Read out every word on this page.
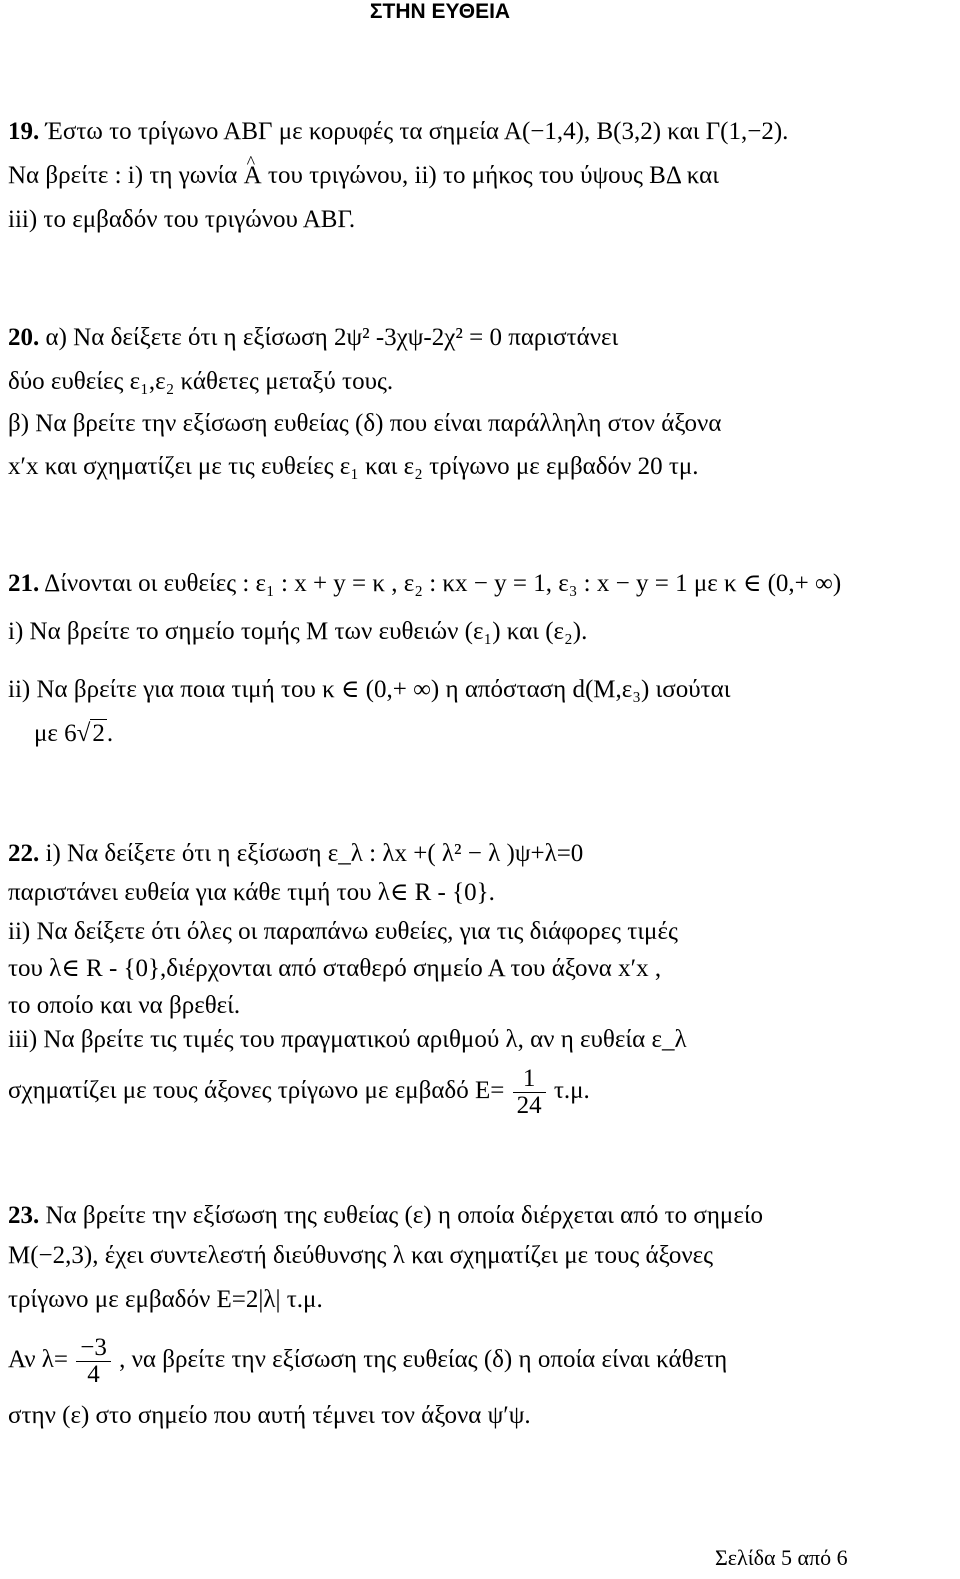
ΣΤΗΝ ΕΥΘΕΙΑ
19. Έστω το τρίγωνο ΑΒΓ με κορυφές τα σημεία Α(−1,4), Β(3,2) και Γ(1,−2).
Να βρείτε : i) τη γωνία ^ Α του τριγώνου, ii) το μήκος του ύψους ΒΔ και
iii) το εμβαδόν του τριγώνου ΑΒΓ.
20. α) Να δείξετε ότι η εξίσωση 2ψ² -3χψ-2χ² = 0 παριστάνει
δύο ευθείες ε₁,ε₂ κάθετες μεταξύ τους.
β) Να βρείτε την εξίσωση ευθείας (δ) που είναι παράλληλη στον άξονα
x′x και σχηματίζει με τις ευθείες ε₁ και ε₂ τρίγωνο με εμβαδόν 20 τμ.
21. Δίνονται οι ευθείες : ε₁ : x + y = κ , ε₂ : κx − y = 1, ε₃ : x − y = 1 με κ ∈ (0,+ ∞)
i) Να βρείτε το σημείο τομής Μ των ευθειών (ε₁) και (ε₂).
ii) Να βρείτε για ποια τιμή του κ ∈ (0,+ ∞) η απόσταση d(Μ,ε₃) ισούται
με 6√2.
22. i) Να δείξετε ότι η εξίσωση ε_λ : λx +( λ² − λ )ψ+λ=0
παριστάνει ευθεία για κάθε τιμή του λ∈ R - {0}.
ii) Να δείξετε ότι όλες οι παραπάνω ευθείες, για τις διάφορες τιμές
του λ∈ R - {0},διέρχονται από σταθερό σημείο Α του άξονα x′x ,
το οποίο και να βρεθεί.
iii) Να βρείτε τις τιμές του πραγματικού αριθμού λ, αν η ευθεία ε_λ
σχηματίζει με τους άξονες τρίγωνο με εμβαδό $E= \frac{1}{24} \tau.\mu$.
23. Να βρείτε την εξίσωση της ευθείας (ε) η οποία διέρχεται από το σημείο
Μ(−2,3), έχει συντελεστή διεύθυνσης λ και σχηματίζει με τους άξονες
τρίγωνο με εμβαδόν Ε=2|λ| τ.μ.
Αν $\lambda= \frac{-3}{4}$ , να βρείτε την εξίσωση της ευθείας (δ) η οποία είναι κάθετη
στην (ε) στο σημείο που αυτή τέμνει τον άξονα ψ′ψ.
Σελίδα 5 από 6
